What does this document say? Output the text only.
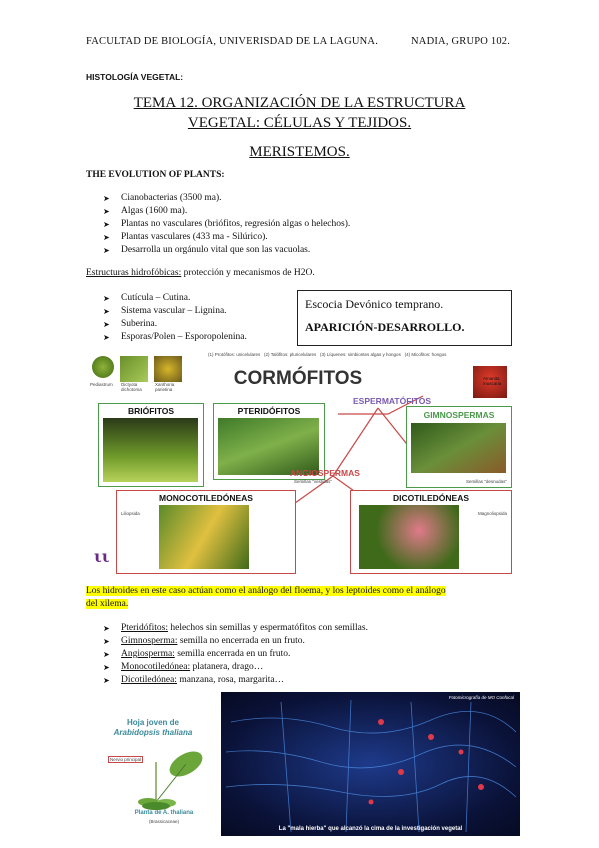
FACULTAD DE BIOLOGÍA, UNIVERISDAD DE LA LAGUNA.	NADIA, GRUPO 102.
HISTOLOGÍA VEGETAL:
TEMA 12. ORGANIZACIÓN DE LA ESTRUCTURA
VEGETAL: CÉLULAS Y TEJIDOS.
MERISTEMOS.
THE EVOLUTION OF PLANTS:
➤ Cianobacterias (3500 ma).
➤ Algas (1600 ma).
➤ Plantas no vasculares (briófitos, regresión algas o helechos).
➤ Plantas vasculares (433 ma - Silúrico).
➤ Desarrolla un orgánulo vital que son las vacuolas.
Estructuras hidrofóbicas: protección y mecanismos de H2O.
➤ Cutícula – Cutina.
➤ Sistema vascular – Lignina.
➤ Suberina.
➤ Esporas/Polen – Esporopolenina.
Escocia Devónico temprano.
APARICIÓN-DESARROLLO.
Pediastrum	Dictyota dichotoma
Xanthoria parietina
(1) Protófitos: unicelulares (2) Talófitos: pluricelulares (3) Líquenes: simbiontes algas y hongos (4) Micofitos: hongos
Amanita muscaria
CORMÓFITOS
BRIÓFITOS	PTERIDÓFITOS
ESPERMATÓFITOS
GIMNOSPERMAS
Semillas "desnudas"
ANGIOSPERMAS
Semillas "vestidas"
MONOCOTILEDÓNEAS
Liliopsida
DICOTILEDÓNEAS
Magnoliopsida
ιι
Los hidroides en este caso actúan como el análogo del floema, y los leptoides como el análogo
del xilema.
➤ Pteridófitos: helechos sin semillas y espermatófitos con semillas.
➤ Gimnosperma: semilla no encerrada en un fruto.
➤ Angiosperma: semilla encerrada en un fruto.
➤ Monocotiledónea: platanera, drago…
➤ Dicotiledónea: manzana, rosa, margarita…
Hoja joven de
Arabidopsis thaliana
Nervio principal
Planta de A. thaliana
(Brassicaceae)
Fotomicrografía de MO Confocal
La "mala hierba" que alcanzó la cima de la investigación vegetal
